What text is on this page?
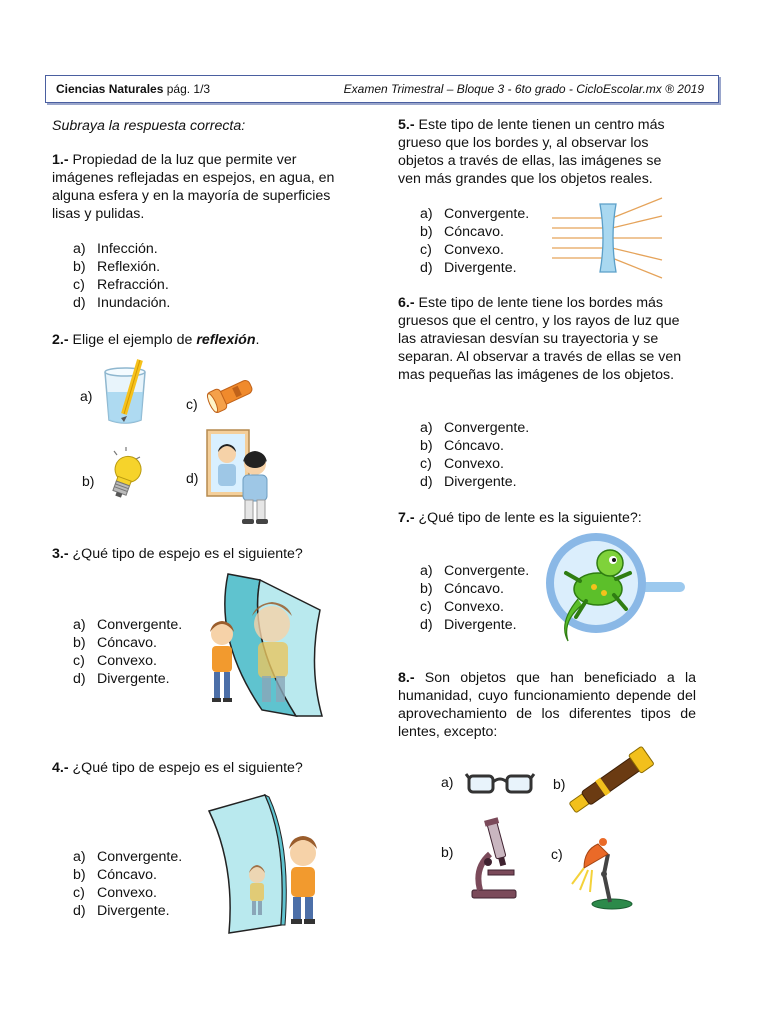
Ciencias Naturales pág. 1/3	Examen Trimestral – Bloque 3 - 6to grado - CicloEscolar.mx ® 2019
Subraya la respuesta correcta:
1.- Propiedad de la luz que permite ver imágenes reflejadas en espejos, en agua, en alguna esfera y en la mayoría de superficies lisas y pulidas.
a) Infección.
b) Reflexión.
c) Refracción.
d) Inundación.
2.- Elige el ejemplo de reflexión.
a)	c)
b)	d)
3.- ¿Qué tipo de espejo es el siguiente?
a) Convergente.
b) Cóncavo.
c) Convexo.
d) Divergente.
4.- ¿Qué tipo de espejo es el siguiente?
a) Convergente.
b) Cóncavo.
c) Convexo.
d) Divergente.
5.- Este tipo de lente tienen un centro más grueso que los bordes y, al observar los objetos a través de ellas, las imágenes se ven más grandes que los objetos reales.
a) Convergente.
b) Cóncavo.
c) Convexo.
d) Divergente.
6.- Este tipo de lente tiene los bordes más gruesos que el centro, y los rayos de luz que las atraviesan desvían su trayectoria y se separan. Al observar a través de ellas se ven mas pequeñas las imágenes de los objetos.
a) Convergente.
b) Cóncavo.
c) Convexo.
d) Divergente.
7.- ¿Qué tipo de lente es la siguiente?:
a) Convergente.
b) Cóncavo.
c) Convexo.
d) Divergente.
8.- Son objetos que han beneficiado a la humanidad, cuyo funcionamiento depende del aprovechamiento de los diferentes tipos de lentes, excepto:
a)	b)
b)	c)
